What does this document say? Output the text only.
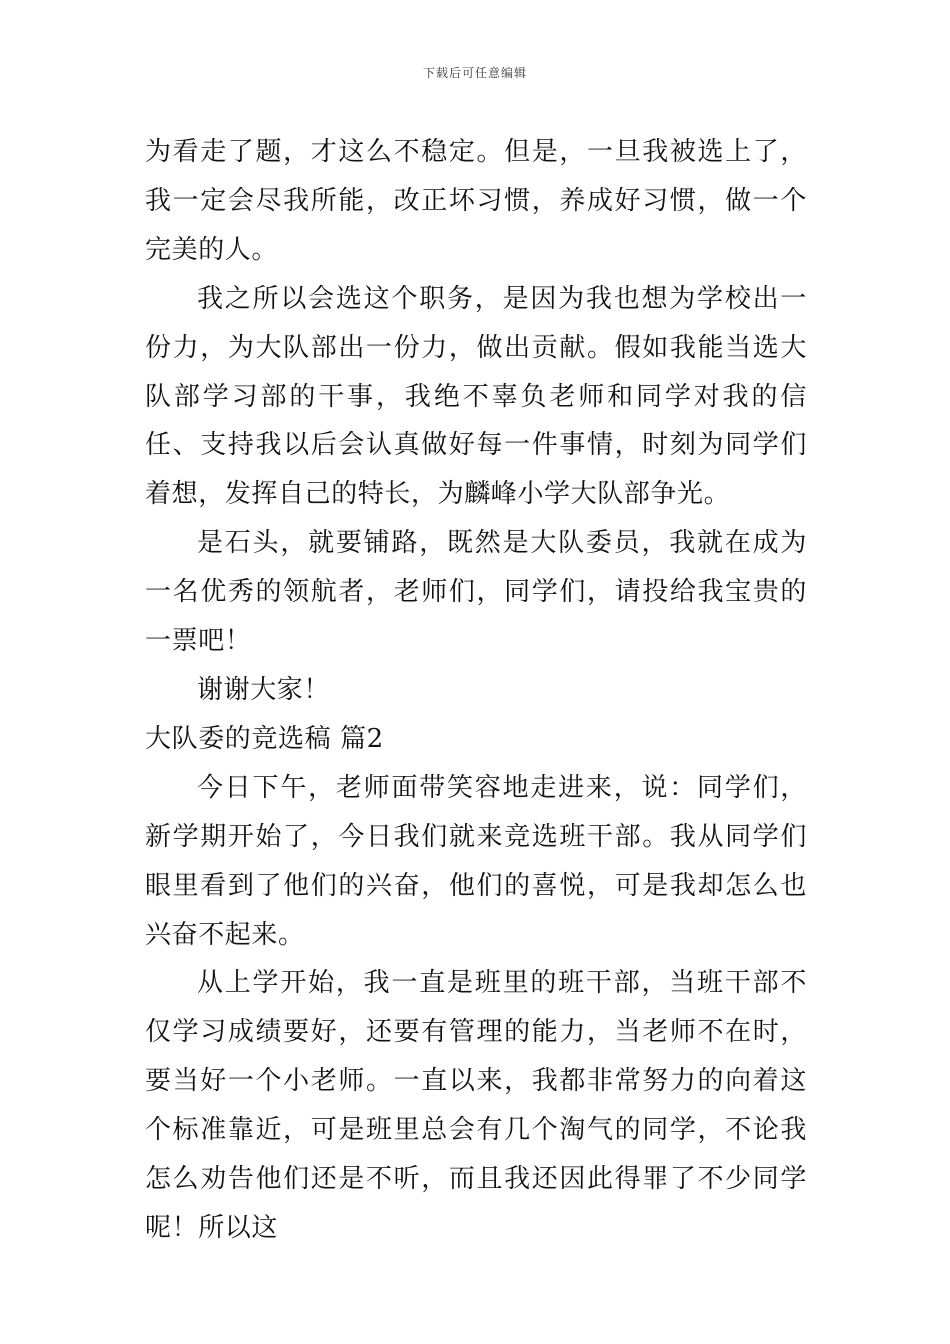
下载后可任意编辑

为看走了题，才这么不稳定。但是，一旦我被选上了，我一定会尽我所能，改正坏习惯，养成好习惯，做一个完美的人。

我之所以会选这个职务，是因为我也想为学校出一份力，为大队部出一份力，做出贡献。假如我能当选大队部学习部的干事，我绝不辜负老师和同学对我的信任、支持我以后会认真做好每一件事情，时刻为同学们着想，发挥自己的特长，为麟峰小学大队部争光。

是石头，就要铺路，既然是大队委员，我就在成为一名优秀的领航者，老师们，同学们，请投给我宝贵的一票吧！

谢谢大家！

大队委的竞选稿 篇2

今日下午，老师面带笑容地走进来，说：同学们，新学期开始了，今日我们就来竞选班干部。我从同学们眼里看到了他们的兴奋，他们的喜悦，可是我却怎么也兴奋不起来。

从上学开始，我一直是班里的班干部，当班干部不仅学习成绩要好，还要有管理的能力，当老师不在时，要当好一个小老师。一直以来，我都非常努力的向着这个标准靠近，可是班里总会有几个淘气的同学，不论我怎么劝告他们还是不听，而且我还因此得罪了不少同学呢！所以这
